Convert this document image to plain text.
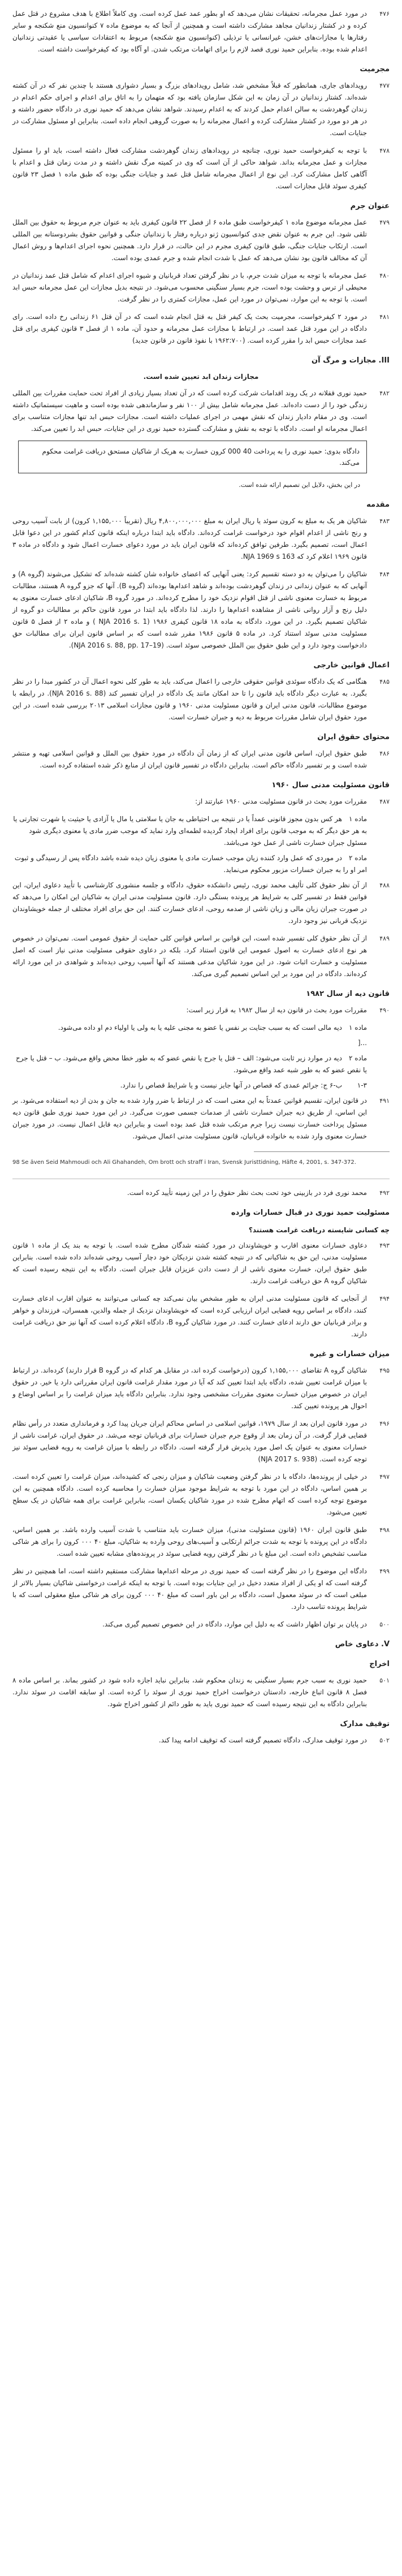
۴۷۶
در مورد عمل مجرمانه، تحقیقات نشان می‌دهد که او بطور عمد عمل کرده است. وی کاملاً اطلاع با هدف مشروع در قتل عمل کرده و در کشتار زندانیان مجاهد مشارکت داشته است و همچنین از آنجا که به موضوع ماده ۷ کنوانسیون منع شکنجه و سایر رفتارها یا مجازات‌های خشن، غیرانسانی یا ترذیلی (کنوانسیون منع شکنجه) مربوط به اعتقادات سیاسی یا عقیدتی زندانیان اعدام شده بوده. بنابراین حمید نوری قصد لازم را برای اتهامات مرتکب شدن. او آگاه بود که کیفرخواست داشته است.
مجرمیت
۴۷۷
رویدادهای جاری، همانطور که قبلاً مشخص شد، شامل رویدادهای بزرگ و بسیار دشواری هستند با چندین نفر که در آن کشته شده‌اند. کشتار زندانیان در آن زمان به این شکل سازمان یافته بود که متهمان را به اتاق برای اعدام و اجرای حکم اعدام در زندان گوهردشت به سالن اعدام حمل کردند که به اعدام رسیدند. شواهد نشان می‌دهد که حمید نوری در دادگاه حضور داشته و در هر دو مورد در کشتار مشارکت کرده و اعمال مجرمانه را به صورت گروهی انجام داده است. بنابراین او مسئول مشارکت در جنایات است.
۴۷۸
با توجه به کیفرخواست حمید نوری، چنانچه در رویدادهای زندان گوهردشت مشارکت فعال داشته است، باید او را مسئول مجازات و عمل مجرمانه بداند. شواهد حاکی از آن است که وی در کمیته مرگ نقش داشته و در مدت زمان قتل و اعدام با آگاهی کامل مشارکت کرد. این نوع از اعمال مجرمانه شامل قتل عمد و جنایات جنگی بوده که طبق ماده ۱ فصل ۲۳ قانون کیفری سوئد قابل مجازات است.
عنوان جرم
۴۷۹
عمل مجرمانه موضوع ماده ۱ کیفرخواست طبق ماده ۶ از فصل ۲۲ قانون کیفری باید به عنوان جرم مربوط به حقوق بین الملل تلقی شود. این جرم به عنوان نقض جدی کنوانسیون ژنو درباره رفتار با زندانیان جنگی و قوانین حقوق بشردوستانه بین المللی است. ارتکاب جنایات جنگی، طبق قانون کیفری مجرم در این حالت، در قرار دارد. همچنین نحوه اجرای اعدام‌ها و روش اعمال آن که مخالف قانون بود نشان می‌دهد که عمل با شدت انجام شده و جرم عمدی بوده است.
۴۸۰
عمل مجرمانه با توجه به میزان شدت جرم، با در نظر گرفتن تعداد قربانیان و شیوه اجرای اعدام که شامل قتل عمد زندانیان در محیطی از ترس و وحشت بوده است، جرم بسیار سنگینی محسوب می‌شود. در نتیجه بدیل مجازات این عمل مجرمانه حبس ابد است. با توجه به این موارد، نمی‌توان در مورد این عمل، مجازات کمتری را در نظر گرفت.
۴۸۱
در مورد ۲ کیفرخواست، مجرمیت بحث یک کیفر قتل به قتل انجام شده است که در آن قتل ۶۱ زندانی رخ داده است. رای دادگاه در این مورد قتل عمد است. در ارتباط با مجازات عمل مجرمانه و حدود آن، ماده ۱ از فصل ۳ قانون کیفری برای قتل عمد مجازات حبس ابد را مقرر کرده است. (۱۹۶۲:۷۰۰ با نفوذ قانون در قانون جدید)
III. مجازات و مرگ آن
مجازات زندان ابد تعیین شده است.
۴۸۲
حمید نوری قفلانه در یک روند اقدامات شرکت کرده است که در آن تعداد بسیار زیادی از افراد تحت حمایت مقررات بین المللی زندگی خود را از دست داده‌اند. عمل مجرمانه شامل بیش از ۱۰۰ نفر و سازماندهی شده بوده است و ماهیت سیستماتیک داشته است. وی در مقام دادیار زندان که نقش مهمی در اجرای عملیات داشته است. مجازات حبس ابد تنها مجازات متناسب برای اعمال مجرمانه او است. دادگاه با توجه به نقش و مشارکت گسترده حمید نوری در این جنایات، حبس ابد را تعیین می‌کند.
دادگاه بدوی: حمید نوری را به پرداخت 40 000 کرون خسارت به هریک از شاکیان مستحق دریافت غرامت محکوم می‌کند.
در این بخش، دلایل این تصمیم ارائه شده است.
مقدمه
۴۸۳
شاکیان هر یک به مبلغ به کرون سوئد یا ریال ایران به مبلغ ۴,۸۰۰,۰۰۰,۰۰۰ ریال (تقریباً ۱,۱۵۵,۰۰۰ کرون) از بابت آسیب روحی و رنج ناشی از اعدام اقوام خود درخواست غرامت کرده‌اند. دادگاه باید ابتدا درباره اینکه قانون کدام کشور در این دعوا قابل اعمال است، تصمیم بگیرد. طرفین توافق کرده‌اند که قانون ایران باید در مورد دعوای خسارت اعمال شود و دادگاه در ماده ۳ قانون ۱۹۶۹ اعلام کرد که NJA 1969 s 163.
۴۸۴
شاکیان را می‌توان به دو دسته تقسیم کرد: یعنی آنهایی که اعضای خانواده شان کشته شده‌اند که تشکیل می‌شوند (گروه A) و آنهایی که به عنوان زندانی در زندان گوهردشت بوده‌اند و شاهد اعدام‌ها بوده‌اند (گروه B). آنها که جزو گروه A هستند، مطالبات مربوط به خسارت معنوی ناشی از قتل اقوام نزدیک خود را مطرح کرده‌اند. در مورد گروه B، شاکیان ادعای خسارت معنوی به دلیل رنج و آزار روانی ناشی از مشاهده اعدام‌ها را دارند. لذا دادگاه باید ابتدا در مورد قانون حاکم بر مطالبات دو گروه از شاکیان تصمیم بگیرد. در این مورد، دادگاه به ماده ۱۸ قانون کیفری ۱۹۸۶ (NJA 2016 s. 1 ) و ماده ۲ از فصل ۵ قانون مسئولیت مدنی سوئد استناد کرد. در ماده ۵ قانون ۱۹۸۶ مقرر شده است که بر اساس قانون ایران برای مطالبات حق دادخواست وجود دارد و این طبق حقوق بین الملل خصوصی سوئد است. (NJA 2016 s. 88, pp. 17–19).
اعمال قوانین خارجی
۴۸۵
هنگامی که یک دادگاه سوئدی قوانین حقوقی خارجی را اعمال می‌کند، باید به طور کلی نحوه اعمال آن در کشور مبدا را در نظر بگیرد. به عبارت دیگر دادگاه باید قانون را تا حد امکان مانند یک دادگاه در ایران تفسیر کند (NJA 2016 s. 88). در رابطه با موضوع مطالبات، قانون مدنی ایران و قانون مسئولیت مدنی ۱۹۶۰ و قانون مجازات اسلامی ۲۰۱۳ بررسی شده است. در این مورد حقوق ایران شامل مقررات مربوط به دیه و جبران خسارت است.
محتوای حقوق ایران
۴۸۶
طبق حقوق ایران، اساس قانون مدنی ایران که از زمان آن دادگاه در مورد حقوق بین الملل و قوانین اسلامی تهیه و منتشر شده است و بر تفسیر دادگاه حاکم است. بنابراین دادگاه در تفسیر قانون ایران از منابع ذکر شده استفاده کرده است.
قانون مسئولیت مدنی سال ۱۹۶۰
۴۸۷
مقررات مورد بحث در قانون مسئولیت مدنی ۱۹۶۰ عبارتند از:
ماده ۱هر کس بدون مجوز قانونی عمداً یا در نتیجه بی احتیاطی به جان یا سلامتی یا مال یا آزادی یا حیثیت یا شهرت تجارتی یا به هر حق دیگر که به موجب قانون برای افراد ایجاد گردیده لطمه‌ای وارد نماید که موجب ضرر مادی یا معنوی دیگری شود مسئول جبران خسارت ناشی از عمل خود می‌باشد.
ماده ۲در موردی که عمل وارد کننده زیان موجب خسارت مادی یا معنوی زیان دیده شده باشد دادگاه پس از رسیدگی و ثبوت امر او را به جبران خسارات مزبور محکوم می‌نماید.
۴۸۸
از آن نظر حقوق کلی تألیف محمد نوری، رئیس دانشکده حقوق، دادگاه و جلسه منشوری کارشناسی با تأیید دعاوی ایران، این قوانین فقط در تفسیر کلی به شرایط هر پرونده بستگی دارد. قانون مسئولیت مدنی ایران به شاکیان این امکان را می‌دهد که در صورت جبران زیان مالی و زیان ناشی از صدمه روحی، ادعای خسارت کنند. این حق برای افراد مختلف از جمله خویشاوندان نزدیک قربانی نیز وجود دارد.
۴۸۹
از آن نظر حقوق کلی تفسیر شده است، این قوانین بر اساس قوانین کلی حمایت از حقوق عمومی است. نمی‌توان در خصوص هر نوع ادعای خسارت به اصول عمومی این قانون استناد کرد. بلکه در دعاوی حقوقی مسئولیت مدنی نیاز است که اصل مسئولیت و خسارت اثبات شود. در این مورد شاکیان مدعی هستند که آنها آسیب روحی دیده‌اند و شواهدی در این مورد ارائه کرده‌اند. دادگاه در این مورد بر این اساس تصمیم گیری می‌کند.
قانون دیه از سال ۱۹۸۲
۴۹۰
مقررات مورد بحث در قانون دیه از سال ۱۹۸۲ به قرار زیر است:
ماده ۱دیه مالی است که به سبب جنایت بر نفس یا عضو به مجنی علیه یا به ولی یا اولیاء دم او داده می‌شود.
...[
ماده ۲دیه در موارد زیر ثابت می‌شود: الف – قتل یا جرح یا نقص عضو که به طور خطا محض واقع می‌شود. ب – قتل یا جرح یا نقص عضو که به طور شبه عمد واقع می‌شود.
۱-۳ب-۶ ج: جرائم عمدی که قصاص در آنها جایز نیست و یا شرایط قصاص را ندارد.
۴۹۱
در قانون ایران، تقسیم قوانین عمدتاً به این معنی است که در ارتباط با ضرر وارد شده به جان و بدن از دیه استفاده می‌شود. بر این اساس، از طریق دیه جبران خسارت ناشی از صدمات جسمی صورت می‌گیرد. در این مورد حمید نوری طبق قانون دیه مسئول پرداخت خسارت نیست زیرا جرم مرتکب شده قتل عمد بوده است و بنابراین دیه قابل اعمال نیست. در مورد جبران خسارت معنوی وارد شده به خانواده قربانیان، قانون مسئولیت مدنی اعمال می‌شود.
98 Se även Seid Mahmoudi och Ali Ghahandeh, Om brott och straff i Iran, Svensk Juristtidning, Häfte 4, 2001, s. 347-372.
۴۹۲
محمد نوری فرد در بازبینی خود تحت بحث نظر حقوق را در این زمینه تأیید کرده است.
مسئولیت حمید نوری در قبال خسارات وارده
چه کسانی شایسته دریافت غرامت هستند؟
۴۹۳
دعاوی خسارات معنوی اقارب و خویشاوندان در مورد کشته شدگان مطرح شده است. با توجه به بند یک از ماده ۱ قانون مسئولیت مدنی، این حق به شاکیانی که در نتیجه کشته شدن نزدیکان خود دچار آسیب روحی شده‌اند داده شده است. بنابراین طبق حقوق ایران، خسارت معنوی ناشی از از دست دادن عزیزان قابل جبران است. دادگاه به این نتیجه رسیده است که شاکیان گروه A حق دریافت غرامت دارند.
۴۹۴
از آنجایی که قانون مسئولیت مدنی ایران به طور مشخص بیان نمی‌کند چه کسانی می‌توانند به عنوان اقارب ادعای خسارت کنند، دادگاه بر اساس رویه قضایی ایران ارزیابی کرده است که خویشاوندان نزدیک از جمله والدین، همسران، فرزندان و خواهر و برادر قربانیان حق دارند ادعای خسارت کنند. در مورد شاکیان گروه B، دادگاه اعلام کرده است که آنها نیز حق دریافت غرامت دارند.
میزان خسارات و غیره
۴۹۵
شاکیان گروه A تقاضای ۱,۱۵۵,۰۰۰ کرون (درخواست کرده اند، در مقابل هر کدام که در گروه B قرار دارند) کرده‌اند. در ارتباط با میزان غرامت تعیین شده، دادگاه باید ابتدا تعیین کند که آیا در مورد مقدار غرامت قانون ایران مقرراتی دارد یا خیر. در حقوق ایران در خصوص میزان خسارت معنوی مقررات مشخصی وجود ندارد. بنابراین دادگاه باید میزان غرامت را بر اساس اوضاع و احوال هر پرونده تعیین کند.
۴۹۶
در مورد قانون ایران بعد از سال ۱۹۷۹، قوانین اسلامی در اساس محاکم ایران جریان پیدا کرد و فرمانداری متعدد در رأس نظام قضایی قرار گرفت. در آن زمان بعد از وقوع جرم جبران خسارات برای قربانیان توجه می‌شد. در حقوق ایران، غرامت ناشی از خسارات معنوی به عنوان یک اصل مورد پذیرش قرار گرفته است. دادگاه در رابطه با میزان غرامت به رویه قضایی سوئد نیز توجه کرده است. (NJA 2017 s. 938)
۴۹۷
در خیلی از پرونده‌ها، دادگاه با در نظر گرفتن وضعیت شاکیان و میزان رنجی که کشیده‌اند، میزان غرامت را تعیین کرده است. بر همین اساس، دادگاه در این مورد با توجه به شرایط موجود میزان خسارت را محاسبه کرده است. دادگاه همچنین به این موضوع توجه کرده است که اتهام مطرح شده در مورد شاکیان یکسان است، بنابراین غرامت برای همه شاکیان در یک سطح تعیین می‌شود.
۴۹۸
طبق قانون ایران ۱۹۶۰ (قانون مسئولیت مدنی)، میزان خسارت باید متناسب با شدت آسیب وارده باشد. بر همین اساس، دادگاه در این پرونده با توجه به شدت جرائم ارتکابی و آسیب‌های روحی وارده به شاکیان، مبلغ ۴۰ ۰۰۰ کرون را برای هر شاکی مناسب تشخیص داده است. این مبلغ با در نظر گرفتن رویه قضایی سوئد در پرونده‌های مشابه تعیین شده است.
۴۹۹
دادگاه این موضوع را در نظر گرفته است که حمید نوری در مرحله اعدام‌ها مشارکت مستقیم داشته است، اما همچنین در نظر گرفته است که او یکی از افراد متعدد دخیل در این جنایات بوده است. با توجه به اینکه غرامت درخواستی شاکیان بسیار بالاتر از مبلغی است که در سوئد معمول است، دادگاه بر این باور است که مبلغ ۴۰ ۰۰۰ کرون برای هر شاکی مبلغ معقولی است که با شرایط پرونده تناسب دارد.
۵۰۰
در پایان بر توان اظهار داشت که به دلیل این موارد، دادگاه در این خصوص تصمیم گیری می‌کند.
V. دعاوی خاص
اخراج
۵۰۱
حمید نوری به سبب جرم بسیار سنگینی به زندان محکوم شد، بنابراین نباید اجازه داده شود در کشور بماند. بر اساس ماده ۸ فصل ۸ قانون اتباع خارجه، دادستان درخواست اخراج حمید نوری از سوئد را کرده است. او سابقه اقامت در سوئد ندارد. بنابراین دادگاه به این نتیجه رسیده است که حمید نوری باید به طور دائم از کشور اخراج شود.
توقیف مدارک
۵۰۲
در مورد توقیف مدارک، دادگاه تصمیم گرفته است که توقیف ادامه پیدا کند.
